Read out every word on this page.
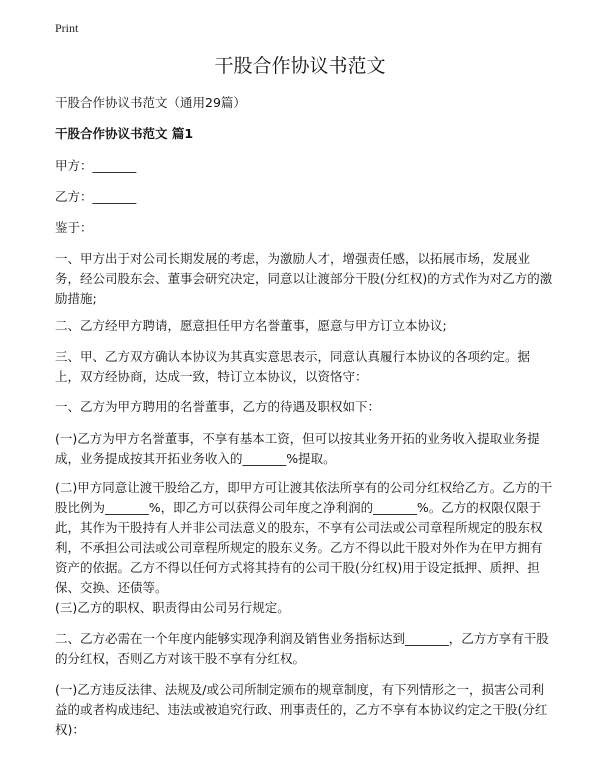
Print
干股合作协议书范文
干股合作协议书范文（通用29篇）
干股合作协议书范文 篇1
甲方：_______
乙方：_______
鉴于：
一、甲方出于对公司长期发展的考虑，为激励人才，增强责任感，以拓展市场，发展业务，经公司股东会、董事会研究决定，同意以让渡部分干股(分红权)的方式作为对乙方的激励措施;
二、乙方经甲方聘请，愿意担任甲方名誉董事，愿意与甲方订立本协议;
三、甲、乙方双方确认本协议为其真实意思表示，同意认真履行本协议的各项约定。据上，双方经协商，达成一致，特订立本协议，以资恪守：
一、乙方为甲方聘用的名誉董事，乙方的待遇及职权如下：
(一)乙方为甲方名誉董事，不享有基本工资，但可以按其业务开拓的业务收入提取业务提成，业务提成按其开拓业务收入的_______%提取。
(二)甲方同意让渡干股给乙方，即甲方可让渡其依法所享有的公司分红权给乙方。乙方的干股比例为_______%，即乙方可以获得公司年度之净利润的_______%。乙方的权限仅限于此，其作为干股持有人并非公司法意义的股东，不享有公司法或公司章程所规定的股东权利，不承担公司法或公司章程所规定的股东义务。乙方不得以此干股对外作为在甲方拥有资产的依据。乙方不得以任何方式将其持有的公司干股(分红权)用于设定抵押、质押、担保、交换、还债等。
(三)乙方的职权、职责得由公司另行规定。
二、乙方必需在一个年度内能够实现净利润及销售业务指标达到_______，乙方方享有干股的分红权，否则乙方对该干股不享有分红权。
(一)乙方违反法律、法规及/或公司所制定颁布的规章制度，有下列情形之一，损害公司利益的或者构成违纪、违法或被追究行政、刑事责任的，乙方不享有本协议约定之干股(分红权)：
